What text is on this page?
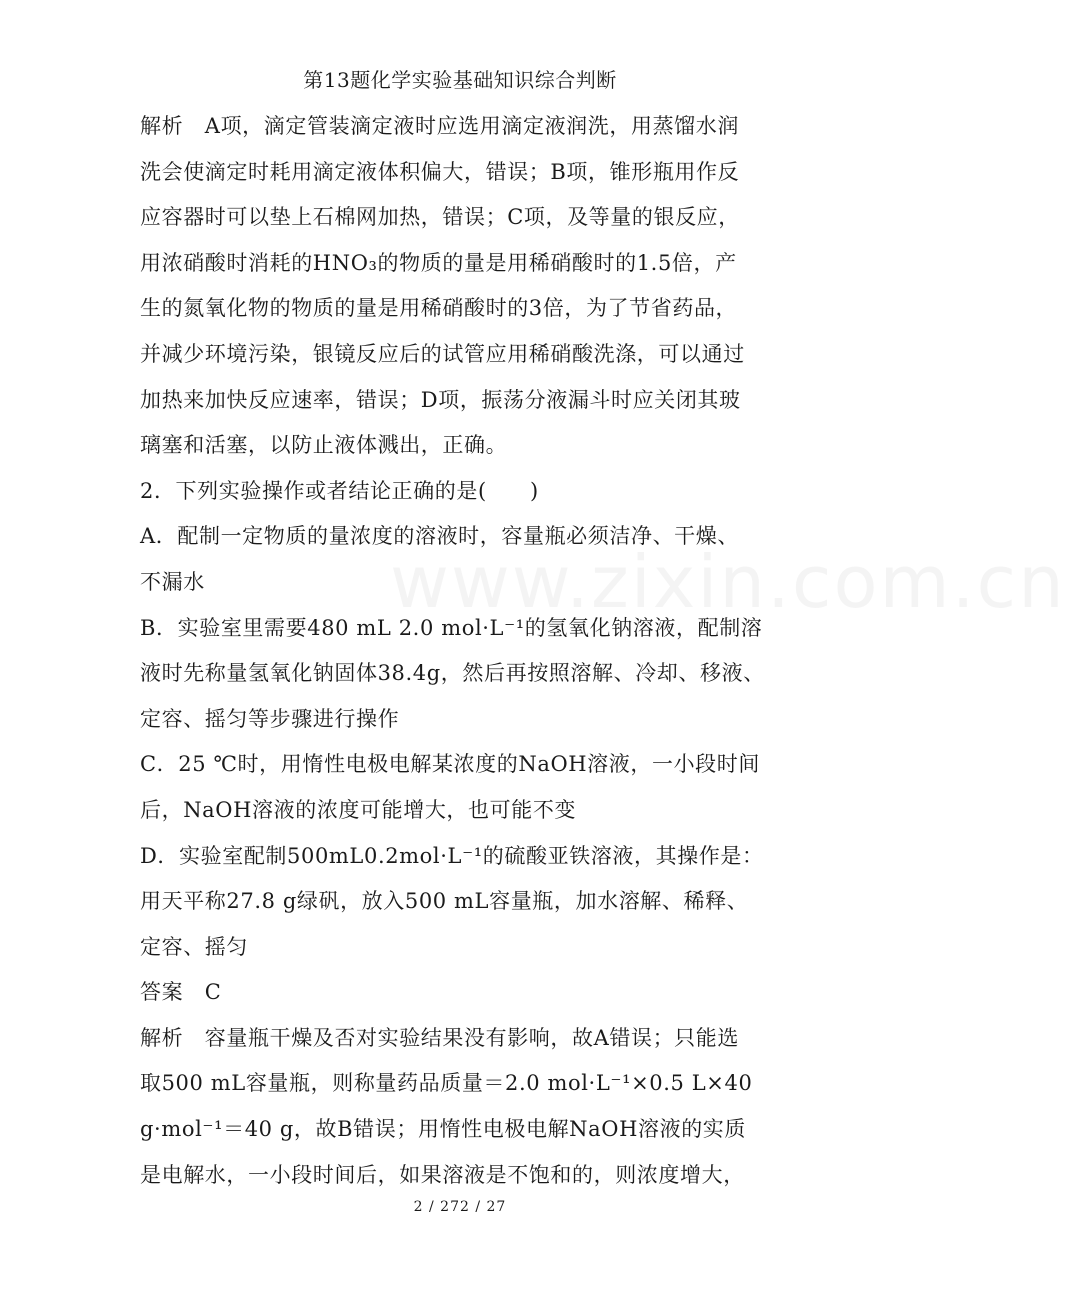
第13题化学实验基础知识综合判断
解析　A项，滴定管装滴定液时应选用滴定液润洗，用蒸馏水润
洗会使滴定时耗用滴定液体积偏大，错误；B项，锥形瓶用作反
应容器时可以垫上石棉网加热，错误；C项，及等量的银反应，
用浓硝酸时消耗的HNO₃的物质的量是用稀硝酸时的1.5倍，产
生的氮氧化物的物质的量是用稀硝酸时的3倍，为了节省药品，
并减少环境污染，银镜反应后的试管应用稀硝酸洗涤，可以通过
加热来加快反应速率，错误；D项，振荡分液漏斗时应关闭其玻
璃塞和活塞，以防止液体溅出，正确。
2．下列实验操作或者结论正确的是(　　)
A．配制一定物质的量浓度的溶液时，容量瓶必须洁净、干燥、
不漏水
B．实验室里需要480 mL 2.0 mol·L⁻¹的氢氧化钠溶液，配制溶
液时先称量氢氧化钠固体38.4g，然后再按照溶解、冷却、移液、
定容、摇匀等步骤进行操作
C．25 ℃时，用惰性电极电解某浓度的NaOH溶液，一小段时间
后，NaOH溶液的浓度可能增大，也可能不变
D．实验室配制500mL0.2mol·L⁻¹的硫酸亚铁溶液，其操作是：
用天平称27.8 g绿矾，放入500 mL容量瓶，加水溶解、稀释、
定容、摇匀
答案　C
解析　容量瓶干燥及否对实验结果没有影响，故A错误；只能选
取500 mL容量瓶，则称量药品质量＝2.0 mol·L⁻¹×0.5 L×40
g·mol⁻¹＝40 g，故B错误；用惰性电极电解NaOH溶液的实质
是电解水，一小段时间后，如果溶液是不饱和的，则浓度增大，
www.zixin.com.cn
2 / 272 / 27
